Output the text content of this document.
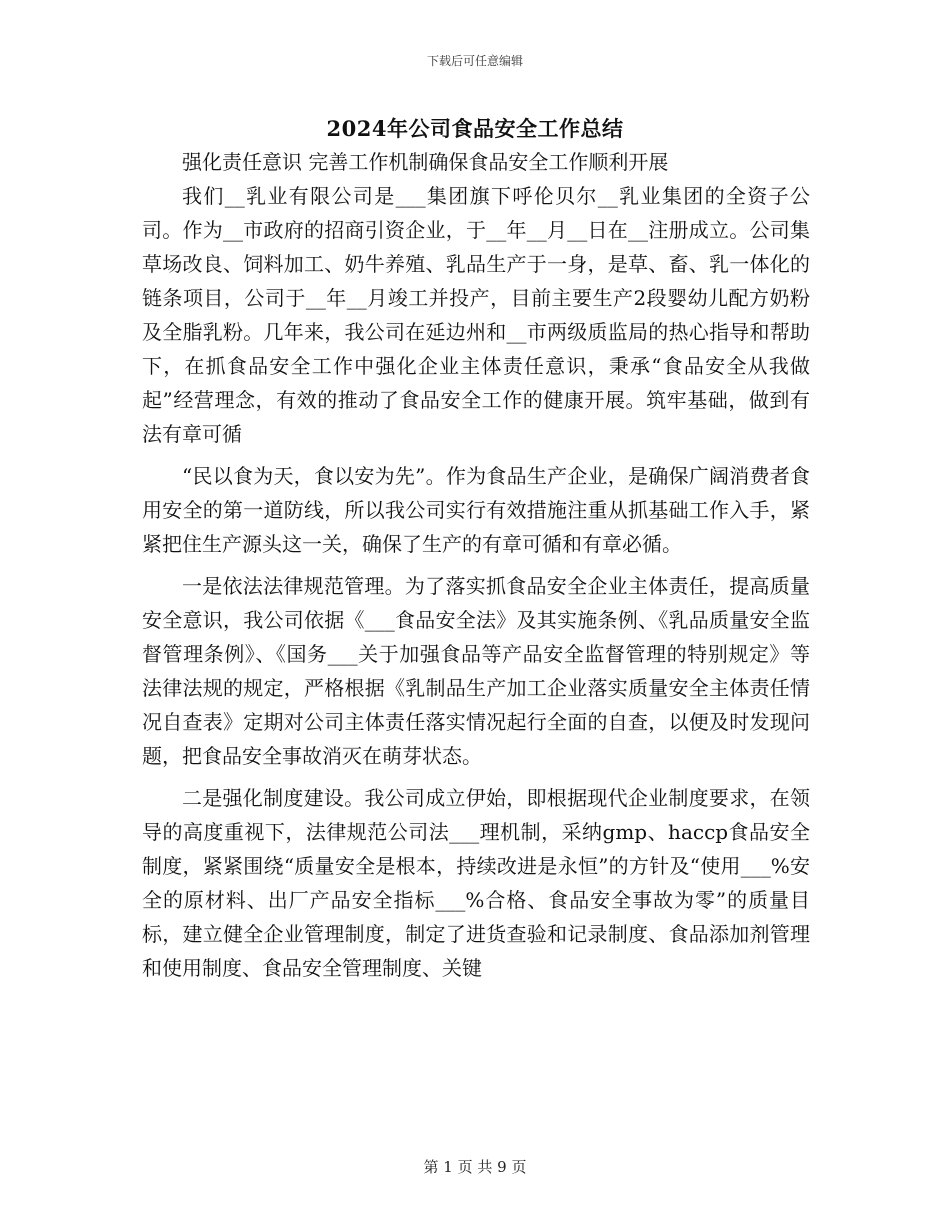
下载后可任意编辑
2024年公司食品安全工作总结

强化责任意识 完善工作机制确保食品安全工作顺利开展

我们__乳业有限公司是___集团旗下呼伦贝尔__乳业集团的全资子公司。作为__市政府的招商引资企业，于__年__月__日在__注册成立。公司集草场改良、饲料加工、奶牛养殖、乳品生产于一身，是草、畜、乳一体化的链条项目，公司于__年__月竣工并投产，目前主要生产2段婴幼儿配方奶粉及全脂乳粉。几年来，我公司在延边州和__市两级质监局的热心指导和帮助下，在抓食品安全工作中强化企业主体责任意识，秉承“食品安全从我做起”经营理念，有效的推动了食品安全工作的健康开展。筑牢基础，做到有法有章可循

“民以食为天，食以安为先”。作为食品生产企业，是确保广阔消费者食用安全的第一道防线，所以我公司实行有效措施注重从抓基础工作入手，紧紧把住生产源头这一关，确保了生产的有章可循和有章必循。

一是依法法律规范管理。为了落实抓食品安全企业主体责任，提高质量安全意识，我公司依据《___食品安全法》及其实施条例、《乳品质量安全监督管理条例》、《国务___关于加强食品等产品安全监督管理的特别规定》等法律法规的规定，严格根据《乳制品生产加工企业落实质量安全主体责任情况自查表》定期对公司主体责任落实情况起行全面的自查，以便及时发现问题，把食品安全事故消灭在萌芽状态。

二是强化制度建设。我公司成立伊始，即根据现代企业制度要求，在领导的高度重视下，法律规范公司法___理机制，采纳gmp、haccp食品安全制度，紧紧围绕“质量安全是根本，持续改进是永恒”的方针及“使用___%安全的原材料、出厂产品安全指标___%合格、食品安全事故为零”的质量目标，建立健全企业管理制度，制定了进货查验和记录制度、食品添加剂管理和使用制度、食品安全管理制度、关键

第 1 页 共 9 页
